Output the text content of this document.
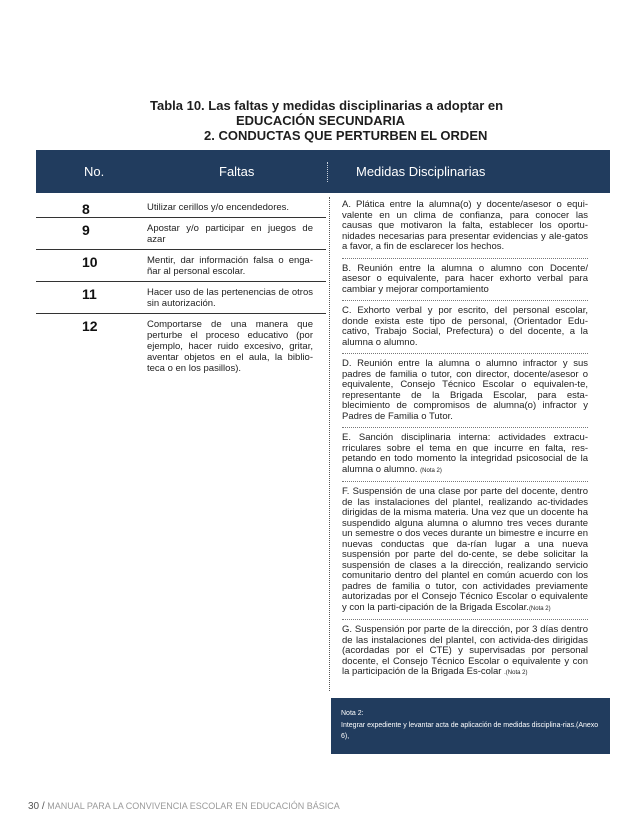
Tabla 10. Las faltas y medidas disciplinarias a adoptar en
EDUCACIÓN SECUNDARIA
2. CONDUCTAS QUE PERTURBEN EL ORDEN
No.	Faltas	Medidas Disciplinarias
8	Utilizar cerillos y/o encendedores.
9	Apostar y/o participar en juegos de azar
10	Mentir, dar información falsa o enga-ñar al personal escolar.
11	Hacer uso de las pertenencias de otros sin autorización.
12	Comportarse de una manera que perturbe el proceso educativo (por ejemplo, hacer ruido excesivo, gritar, aventar objetos en el aula, la biblio-teca o en los pasillos).
A. Plática entre la alumna(o) y docente/asesor o equi-valente en un clima de confianza, para conocer las causas que motivaron la falta, establecer los oportu-nidades necesarias para presentar evidencias y ale-gatos a favor, a fin de esclarecer los hechos.
B. Reunión entre la alumna o alumno con Docente/ asesor o equivalente, para hacer exhorto verbal para cambiar y mejorar comportamiento
C. Exhorto verbal y por escrito, del personal escolar, donde exista este tipo de personal, (Orientador Edu-cativo, Trabajo Social, Prefectura) o del docente, a la alumna o alumno.
D. Reunión entre la alumna o alumno infractor y sus padres de familia o tutor, con director, docente/asesor o equivalente, Consejo Técnico Escolar o equivalen-te, representante de la Brigada Escolar, para esta-blecimiento de compromisos de alumna(o) infractor y Padres de Familia o Tutor.
E. Sanción disciplinaria interna: actividades extracu-rriculares sobre el tema en que incurre en falta, res-petando en todo momento la integridad psicosocial de la alumna o alumno. (Nota 2)
F. Suspensión de una clase por parte del docente, dentro de las instalaciones del plantel, realizando ac-tividades dirigidas de la misma materia. Una vez que un docente ha suspendido alguna alumna o alumno tres veces durante un semestre o dos veces durante un bimestre e incurre en nuevas conductas que da-rían lugar a una nueva suspensión por parte del do-cente, se debe solicitar la suspensión de clases a la dirección, realizando servicio comunitario dentro del plantel en común acuerdo con los padres de familia o tutor, con actividades previamente autorizadas por el Consejo Técnico Escolar o equivalente y con la parti-cipación de la Brigada Escolar.(Nota 2)
G. Suspensión por parte de la dirección, por 3 días dentro de las instalaciones del plantel, con activida-des dirigidas (acordadas por el CTE) y supervisadas por personal docente, el Consejo Técnico Escolar o equivalente y con la participación de la Brigada Es-colar .(Nota 2)
Nota 2:
Integrar expediente y levantar acta de aplicación de medidas disciplina-rias.(Anexo 6),
30 / MANUAL PARA LA CONVIVENCIA ESCOLAR EN EDUCACIÓN BÁSICA
